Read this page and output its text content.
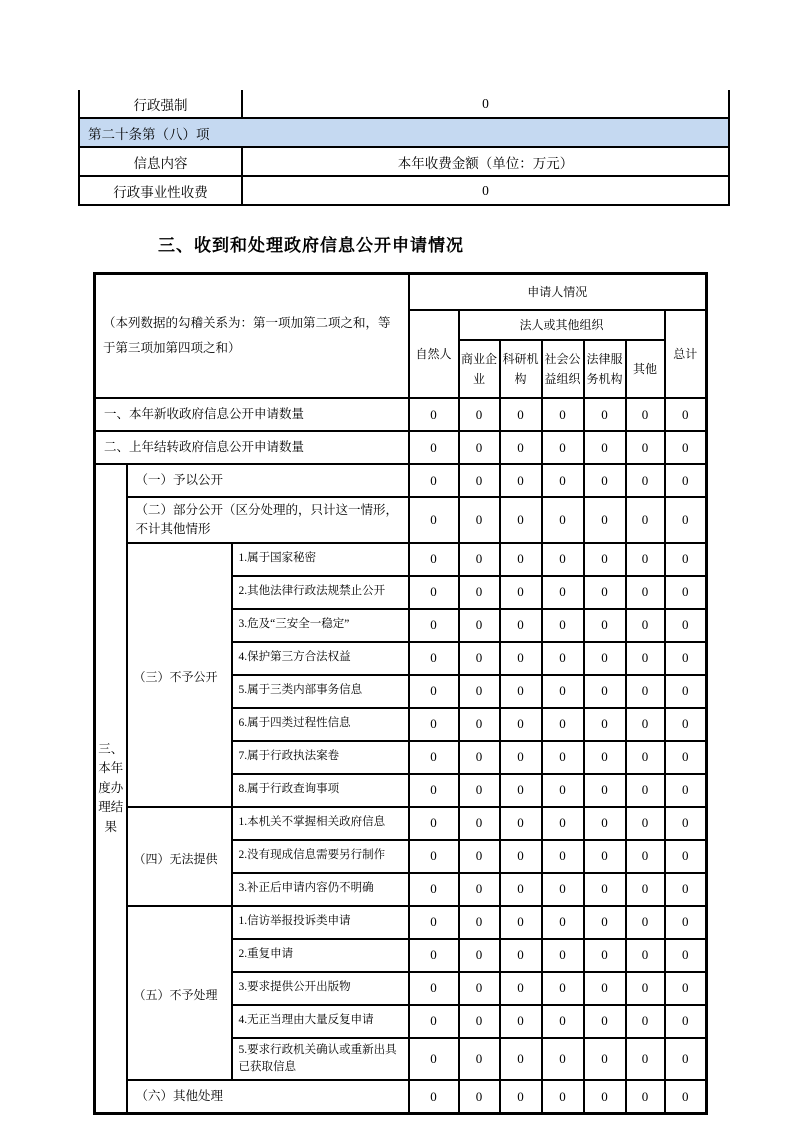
行政强制	0
第二十条第（八）项	
信息内容	本年收费金额（单位：万元）
行政事业性收费	0
三、收到和处理政府信息公开申请情况
（本列数据的勾稽关系为：第一项加第二项之和，等于第三项加第四项之和）			申请人情况						
			自然人	法人或其他组织					总计
				商业企业	科研机构	社会公益组织	法律服务机构	其他	
一、本年新收政府信息公开申请数量			0	0	0	0	0	0	0
二、上年结转政府信息公开申请数量			0	0	0	0	0	0	0
三、本年度办理结果	（一）予以公开		0	0	0	0	0	0	0
	（二）部分公开（区分处理的，只计这一情形，不计其他情形		0	0	0	0	0	0	0
	（三）不予公开	1.属于国家秘密	0	0	0	0	0	0	0
		2.其他法律行政法规禁止公开	0	0	0	0	0	0	0
		3.危及“三安全一稳定”	0	0	0	0	0	0	0
		4.保护第三方合法权益	0	0	0	0	0	0	0
		5.属于三类内部事务信息	0	0	0	0	0	0	0
		6.属于四类过程性信息	0	0	0	0	0	0	0
		7.属于行政执法案卷	0	0	0	0	0	0	0
		8.属于行政查询事项	0	0	0	0	0	0	0
	（四）无法提供	1.本机关不掌握相关政府信息	0	0	0	0	0	0	0
		2.没有现成信息需要另行制作	0	0	0	0	0	0	0
		3.补正后申请内容仍不明确	0	0	0	0	0	0	0
	（五）不予处理	1.信访举报投诉类申请	0	0	0	0	0	0	0
		2.重复申请	0	0	0	0	0	0	0
		3.要求提供公开出版物	0	0	0	0	0	0	0
		4.无正当理由大量反复申请	0	0	0	0	0	0	0
		5.要求行政机关确认或重新出具已获取信息	0	0	0	0	0	0	0
	（六）其他处理		0	0	0	0	0	0	0
